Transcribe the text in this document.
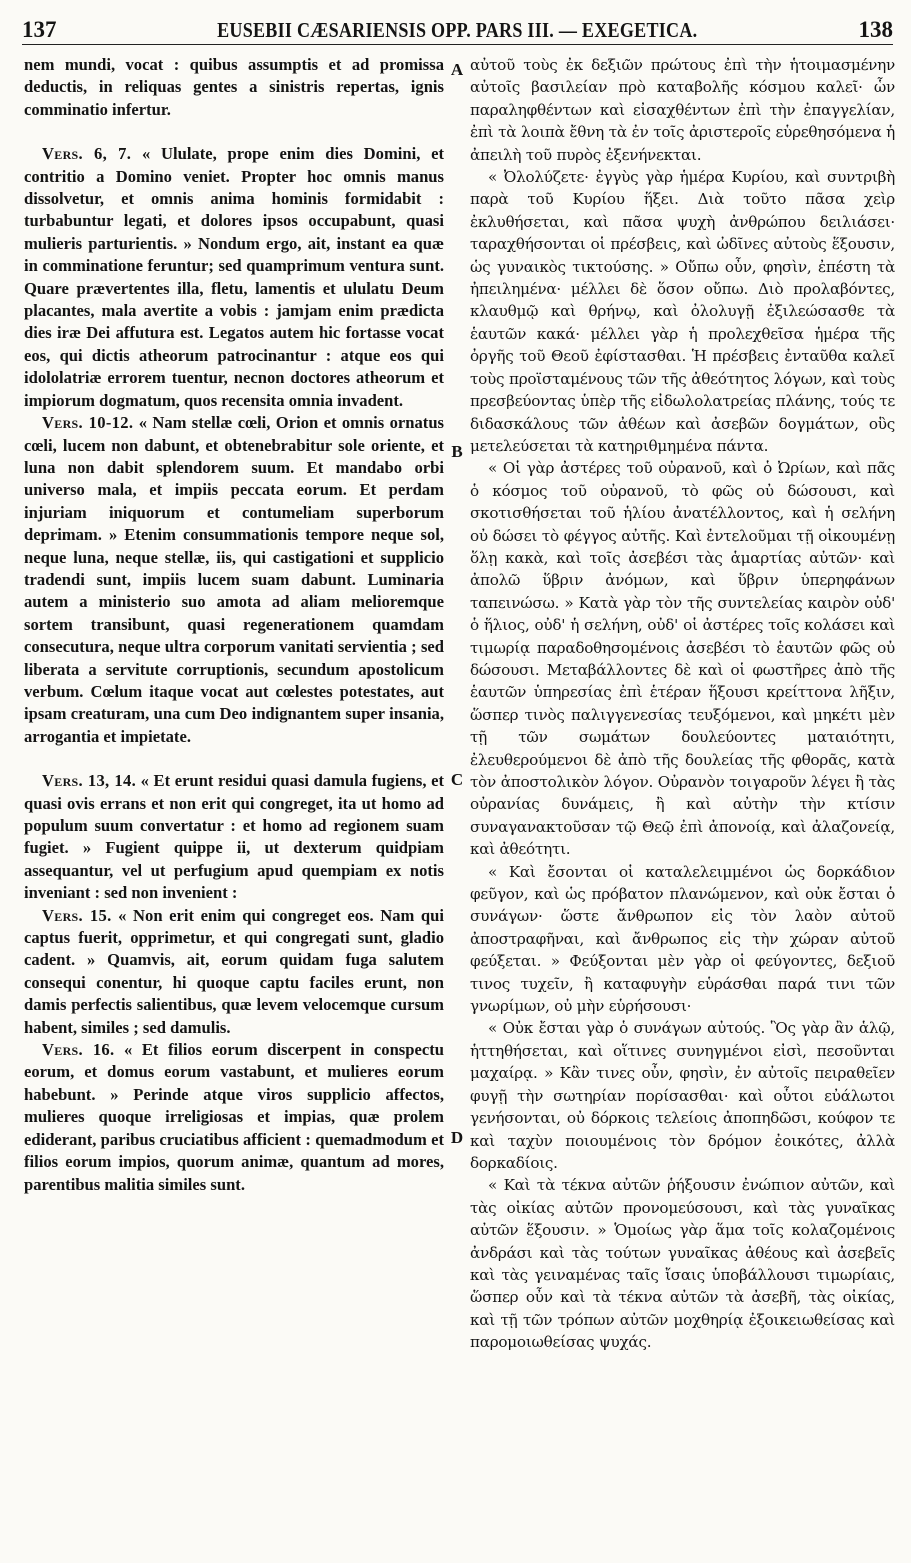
137	EUSEBII CÆSARIENSIS OPP. PARS III. — EXEGETICA.	138

nem mundi, vocat : quibus assumptis et ad promissa deductis, in reliquas gentes a sinistris repertas, ignis comminatio infertur.

Vers. 6, 7. « Ululate, prope enim dies Domini, et contritio a Domino veniet. Propter hoc omnis manus dissolvetur, et omnis anima hominis formidabit : turbabuntur legati, et dolores ipsos occupabunt, quasi mulieris parturientis. » Nondum ergo, ait, instant ea quæ in comminatione feruntur; sed quamprimum ventura sunt. Quare prævertentes illa, fletu, lamentis et ululatu Deum placantes, mala avertite a vobis : jamjam enim prædicta dies iræ Dei affutura est. Legatos autem hic fortasse vocat eos, qui dictis atheorum patrocinantur : atque eos qui idololatriæ errorem tuentur, necnon doctores atheorum et impiorum dogmatum, quos recensita omnia invadent.

Vers. 10-12. « Nam stellæ cœli, Orion et omnis ornatus cœli, lucem non dabunt, et obtenebrabitur sole oriente, et luna non dabit splendorem suum. Et mandabo orbi universo mala, et impiis peccata eorum. Et perdam injuriam iniquorum et contumeliam superborum deprimam. » Etenim consummationis tempore neque sol, neque luna, neque stellæ, iis, qui castigationi et supplicio tradendi sunt, impiis lucem suam dabunt. Luminaria autem a ministerio suo amota ad aliam melioremque sortem transibunt, quasi regenerationem quamdam consecutura, neque ultra corporum vanitati servientia ; sed liberata a servitute corruptionis, secundum apostolicum verbum. Cœlum itaque vocat aut cœlestes potestates, aut ipsam creaturam, una cum Deo indignantem super insania, arrogantia et impietate.

Vers. 13, 14. « Et erunt residui quasi damula fugiens, et quasi ovis errans et non erit qui congreget, ita ut homo ad populum suum convertatur : et homo ad regionem suam fugiet. » Fugient quippe ii, ut dexterum quidpiam assequantur, vel ut perfugium apud quempiam ex notis inveniant : sed non invenient :

Vers. 15. « Non erit enim qui congreget eos. Nam qui captus fuerit, opprimetur, et qui congregati sunt, gladio cadent. » Quamvis, ait, eorum quidam fuga salutem consequi conentur, hi quoque captu faciles erunt, non damis perfectis salientibus, quæ levem velocemque cursum habent, similes ; sed damulis.

Vers. 16. « Et filios eorum discerpent in conspectu eorum, et domus eorum vastabunt, et mulieres eorum habebunt. » Perinde atque viros supplicio affectos, mulieres quoque irreligiosas et impias, quæ prolem ediderant, paribus cruciatibus afficient : quemadmodum et filios eorum impios, quorum animæ, quantum ad mores, parentibus malitia similes sunt.

A
B
C
D

αὐτοῦ τοὺς ἐκ δεξιῶν πρώτους ἐπὶ τὴν ἡτοιμασμένην αὐτοῖς βασιλείαν πρὸ καταβολῆς κόσμου καλεῖ· ὧν παραληφθέντων καὶ εἰσαχθέντων ἐπὶ τὴν ἐπαγγελίαν, ἐπὶ τὰ λοιπὰ ἔθνη τὰ ἐν τοῖς ἀριστεροῖς εὑρεθησόμενα ἡ ἀπειλὴ τοῦ πυρὸς ἐξενήνεκται.

« Ὀλολύζετε· ἐγγὺς γὰρ ἡμέρα Κυρίου, καὶ συντριβὴ παρὰ τοῦ Κυρίου ἥξει. Διὰ τοῦτο πᾶσα χεὶρ ἐκλυθήσεται, καὶ πᾶσα ψυχὴ ἀνθρώπου δειλιάσει· ταραχθήσονται οἱ πρέσβεις, καὶ ὠδῖνες αὐτοὺς ἕξουσιν, ὡς γυναικὸς τικτούσης. » Οὔπω οὖν, φησὶν, ἐπέστη τὰ ἠπειλημένα· μέλλει δὲ ὅσον οὔπω. Διὸ προλαβόντες, κλαυθμῷ καὶ θρήνῳ, καὶ ὀλολυγῇ ἐξιλεώσασθε τὰ ἑαυτῶν κακά· μέλλει γὰρ ἡ προλεχθεῖσα ἡμέρα τῆς ὀργῆς τοῦ Θεοῦ ἐφίστασθαι. Ἡ πρέσβεις ἐνταῦθα καλεῖ τοὺς προϊσταμένους τῶν τῆς ἀθεότητος λόγων, καὶ τοὺς πρεσβεύοντας ὑπὲρ τῆς εἰδωλολατρείας πλάνης, τούς τε διδασκάλους τῶν ἀθέων καὶ ἀσεβῶν δογμάτων, οὓς μετελεύσεται τὰ κατηριθμημένα πάντα.

« Οἱ γὰρ ἀστέρες τοῦ οὐρανοῦ, καὶ ὁ Ὠρίων, καὶ πᾶς ὁ κόσμος τοῦ οὐρανοῦ, τὸ φῶς οὐ δώσουσι, καὶ σκοτισθήσεται τοῦ ἡλίου ἀνατέλλοντος, καὶ ἡ σελήνη οὐ δώσει τὸ φέγγος αὐτῆς. Καὶ ἐντελοῦμαι τῇ οἰκουμένῃ ὅλῃ κακὰ, καὶ τοῖς ἀσεβέσι τὰς ἁμαρτίας αὐτῶν· καὶ ἀπολῶ ὕβριν ἀνόμων, καὶ ὕβριν ὑπερηφάνων ταπεινώσω. » Κατὰ γὰρ τὸν τῆς συντελείας καιρὸν οὐδ' ὁ ἥλιος, οὐδ' ἡ σελήνη, οὐδ' οἱ ἀστέρες τοῖς κολάσει καὶ τιμωρίᾳ παραδοθησομένοις ἀσεβέσι τὸ ἑαυτῶν φῶς οὐ δώσουσι. Μεταβάλλοντες δὲ καὶ οἱ φωστῆρες ἀπὸ τῆς ἑαυτῶν ὑπηρεσίας ἐπὶ ἑτέραν ἥξουσι κρείττονα λῆξιν, ὥσπερ τινὸς παλιγγενεσίας τευξόμενοι, καὶ μηκέτι μὲν τῇ τῶν σωμάτων δουλεύοντες ματαιότητι, ἐλευθερούμενοι δὲ ἀπὸ τῆς δουλείας τῆς φθορᾶς, κατὰ τὸν ἀποστολικὸν λόγον. Οὐρανὸν τοιγαροῦν λέγει ἢ τὰς οὐρανίας δυνάμεις, ἢ καὶ αὐτὴν τὴν κτίσιν συναγανακτοῦσαν τῷ Θεῷ ἐπὶ ἀπονοίᾳ, καὶ ἀλαζονείᾳ, καὶ ἀθεότητι.

« Καὶ ἔσονται οἱ καταλελειμμένοι ὡς δορκάδιον φεῦγον, καὶ ὡς πρόβατον πλανώμενον, καὶ οὐκ ἔσται ὁ συνάγων· ὥστε ἄνθρωπον εἰς τὸν λαὸν αὐτοῦ ἀποστραφῆναι, καὶ ἄνθρωπος εἰς τὴν χώραν αὐτοῦ φεύξεται. » Φεύξονται μὲν γὰρ οἱ φεύγοντες, δεξιοῦ τινος τυχεῖν, ἢ καταφυγὴν εὑράσθαι παρά τινι τῶν γνωρίμων, οὐ μὴν εὑρήσουσι·

« Οὐκ ἔσται γὰρ ὁ συνάγων αὐτούς. Ὃς γὰρ ἂν ἁλῷ, ἡττηθήσεται, καὶ οἵτινες συνηγμένοι εἰσὶ, πεσοῦνται μαχαίρᾳ. » Κἂν τινες οὖν, φησὶν, ἐν αὐτοῖς πειραθεῖεν φυγῇ τὴν σωτηρίαν πορίσασθαι· καὶ οὗτοι εὐάλωτοι γενήσονται, οὐ δόρκοις τελείοις ἀποπηδῶσι, κούφον τε καὶ ταχὺν ποιουμένοις τὸν δρόμον ἐοικότες, ἀλλὰ δορκαδίοις.

« Καὶ τὰ τέκνα αὐτῶν ῥήξουσιν ἐνώπιον αὐτῶν, καὶ τὰς οἰκίας αὐτῶν προνομεύσουσι, καὶ τὰς γυναῖκας αὐτῶν ἕξουσιν. » Ὁμοίως γὰρ ἅμα τοῖς κολαζομένοις ἀνδράσι καὶ τὰς τούτων γυναῖκας ἀθέους καὶ ἀσεβεῖς καὶ τὰς γειναμένας ταῖς ἴσαις ὑποβάλλουσι τιμωρίαις, ὥσπερ οὖν καὶ τὰ τέκνα αὐτῶν τὰ ἀσεβῆ, τὰς οἰκίας, καὶ τῇ τῶν τρόπων αὐτῶν μοχθηρίᾳ ἐξοικειωθείσας καὶ παρομοιωθείσας ψυχάς.
